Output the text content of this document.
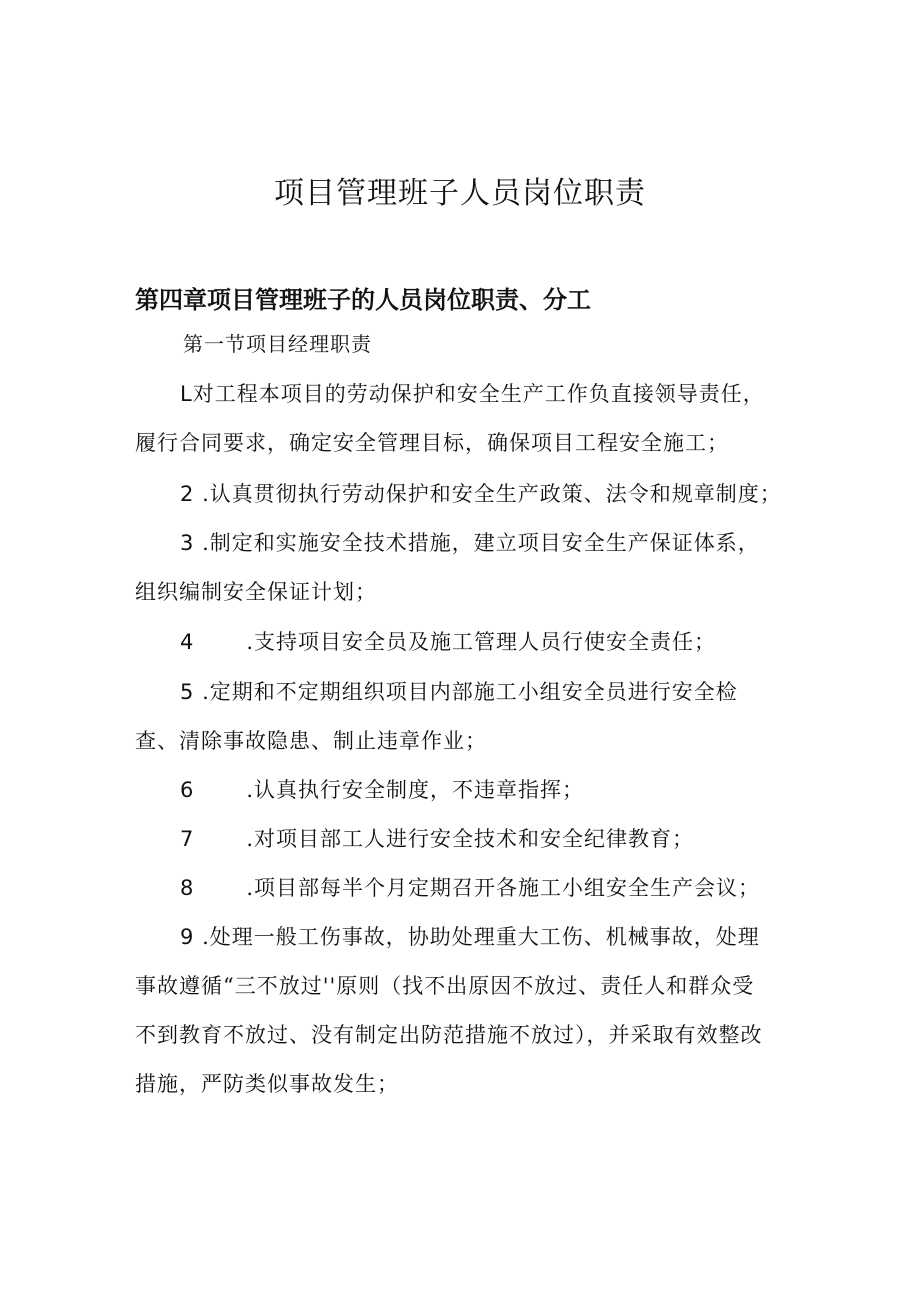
项目管理班子人员岗位职责
第四章项目管理班子的人员岗位职责、分工
第一节项目经理职责
L对工程本项目的劳动保护和安全生产工作负直接领导责任，
履行合同要求，确定安全管理目标，确保项目工程安全施工；
2 .认真贯彻执行劳动保护和安全生产政策、法令和规章制度；
3 .制定和实施安全技术措施，建立项目安全生产保证体系，
组织编制安全保证计划；
4 .支持项目安全员及施工管理人员行使安全责任；
5 .定期和不定期组织项目内部施工小组安全员进行安全检
查、清除事故隐患、制止违章作业；
6 .认真执行安全制度，不违章指挥；
7 .对项目部工人进行安全技术和安全纪律教育；
8 .项目部每半个月定期召开各施工小组安全生产会议；
9 .处理一般工伤事故，协助处理重大工伤、机械事故，处理
事故遵循“三不放过''原则（找不出原因不放过、责任人和群众受
不到教育不放过、没有制定出防范措施不放过），并采取有效整改
措施，严防类似事故发生；
